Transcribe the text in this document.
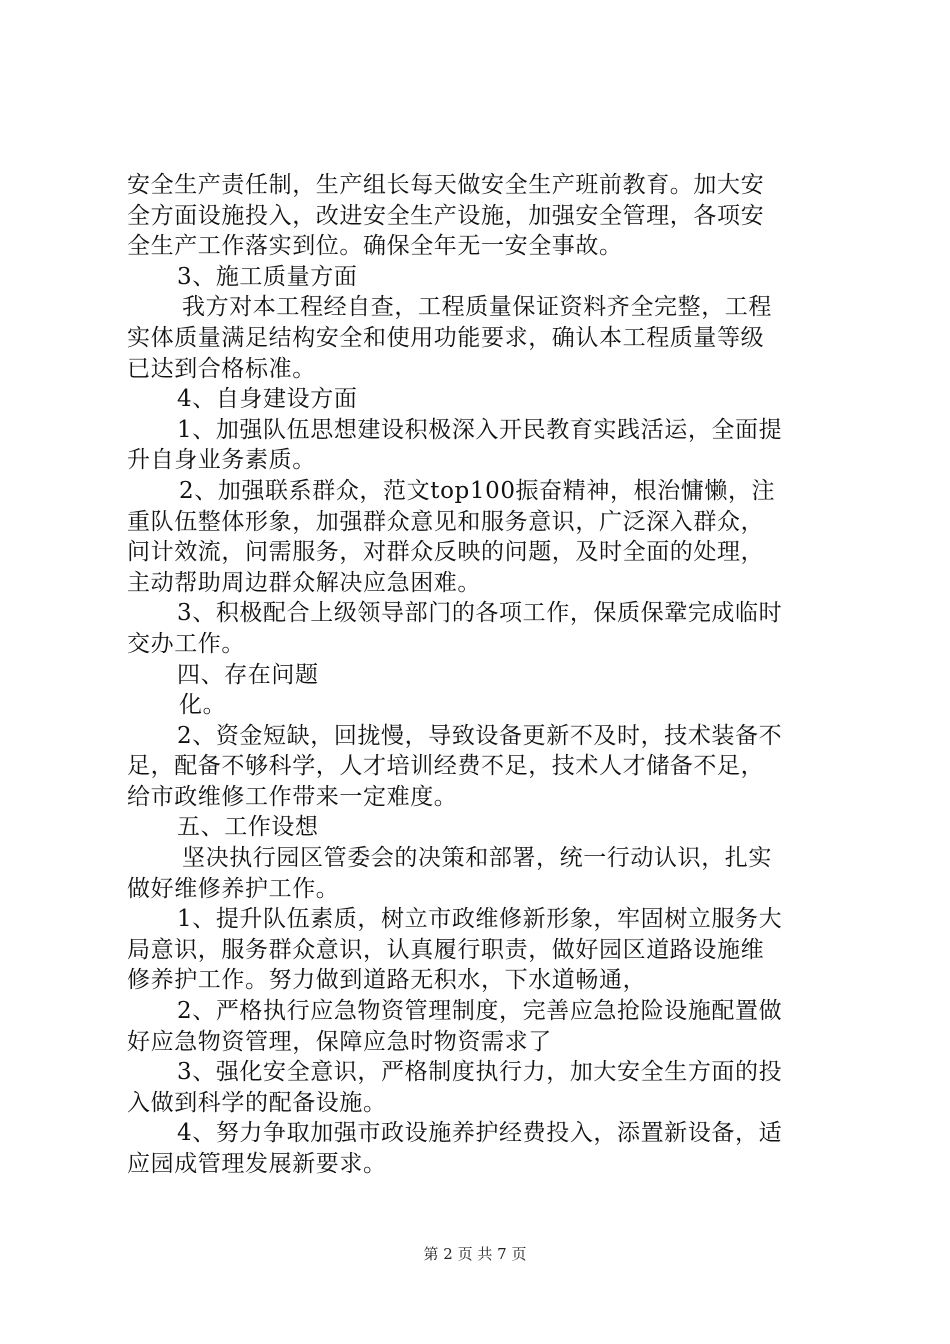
安全生产责任制，生产组长每天做安全生产班前教育。加大安
全方面设施投入，改进安全生产设施，加强安全管理，各项安
全生产工作落实到位。确保全年无一安全事故。
3、施工质量方面
我方对本工程经自查，工程质量保证资料齐全完整，工程
实体质量满足结构安全和使用功能要求，确认本工程质量等级
已达到合格标准。
4、自身建设方面
1、加强队伍思想建设积极深入开民教育实践活运，全面提
升自身业务素质。
2、加强联系群众，范文top100振奋精神，根治慵懒，注
重队伍整体形象，加强群众意见和服务意识，广泛深入群众，
问计效流，问需服务，对群众反映的问题，及时全面的处理，
主动帮助周边群众解决应急困难。
3、积极配合上级领导部门的各项工作，保质保鞏完成临时
交办工作。
四、存在问题
化。
2、资金短缺，回拢慢，导致设备更新不及时，技术装备不
足，配备不够科学，人才培训经费不足，技术人才储备不足，
给市政维修工作带来一定难度。
五、工作设想
坚决执行园区管委会的决策和部署，统一行动认识，扎实
做好维修养护工作。
1、提升队伍素质，树立市政维修新形象，牢固树立服务大
局意识，服务群众意识，认真履行职责，做好园区道路设施维
修养护工作。努力做到道路无积水，下水道畅通，
2、严格执行应急物资管理制度，完善应急抢险设施配置做
好应急物资管理，保障应急时物资需求了
3、强化安全意识，严格制度执行力，加大安全生方面的投
入做到科学的配备设施。
4、努力争取加强市政设施养护经费投入，添置新设备，适
应园成管理发展新要求。
第 2 页 共 7 页
